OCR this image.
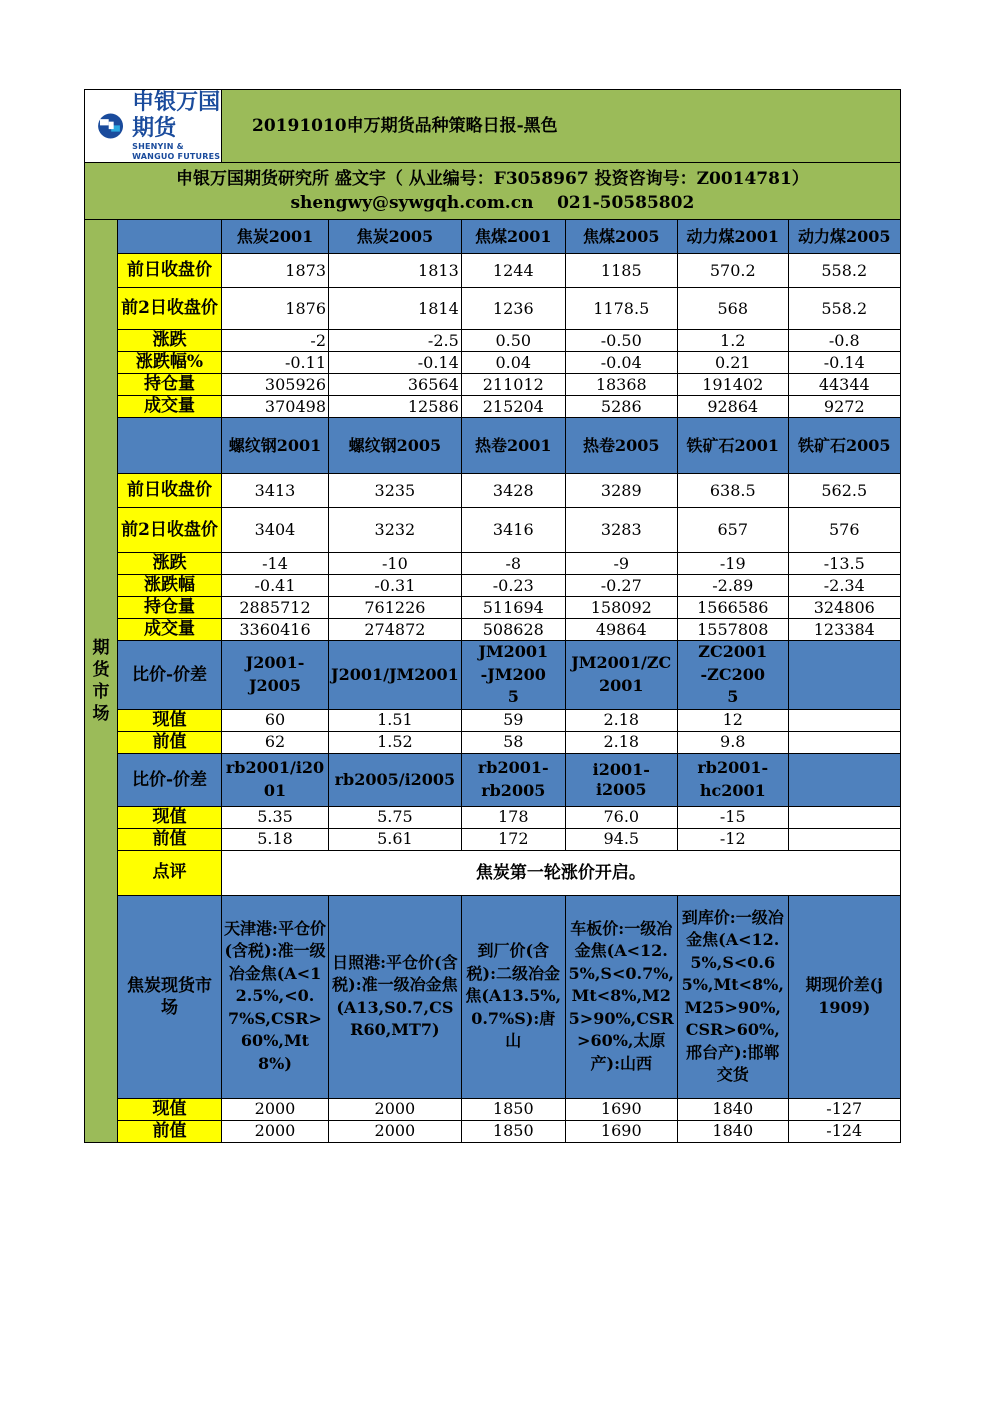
申银万国期货
SHENYIN & WANGUO FUTURES		20191010申万期货品种策略日报-黑色					

申银万国期货研究所 盛文宇（ 从业编号：F3058967 投资咨询号：Z0014781）
shengwy@sywgqh.com.cn    021-50585802							

期
货
市
场		焦炭2001	焦炭2005	焦煤2001	焦煤2005	动力煤2001	动力煤2005
	前日收盘价	1873	1813	1244	1185	570.2	558.2
	前2日收盘价	1876	1814	1236	1178.5	568	558.2
	涨跌	-2	-2.5	0.50	-0.50	1.2	-0.8
	涨跌幅%	-0.11	-0.14	0.04	-0.04	0.21	-0.14
	持仓量	305926	36564	211012	18368	191402	44344
	成交量	370498	12586	215204	5286	92864	9272
		螺纹钢2001	螺纹钢2005	热卷2001	热卷2005	铁矿石2001	铁矿石2005
	前日收盘价	3413	3235	3428	3289	638.5	562.5
	前2日收盘价	3404	3232	3416	3283	657	576
	涨跌	-14	-10	-8	-9	-19	-13.5
	涨跌幅	-0.41	-0.31	-0.23	-0.27	-2.89	-2.34
	持仓量	2885712	761226	511694	158092	1566586	324806
	成交量	3360416	274872	508628	49864	1557808	123384
	比价-价差	J2001-J2005	J2001/JM2001	JM2001-JM2005	JM2001/ZC2001	ZC2001-ZC2005	
	现值	60	1.51	59	2.18	12	
	前值	62	1.52	58	2.18	9.8	
	比价-价差	rb2001/i2001	rb2005/i2005	rb2001-rb2005	i2001-i2005	rb2001-hc2001	
	现值	5.35	5.75	178	76.0	-15	
	前值	5.18	5.61	172	94.5	-12	
	点评	焦炭第一轮涨价开启。					
	焦炭现货市场	天津港:平仓价(含税):准一级冶金焦(A<12.5%,<0.7%S,CSR>60%,Mt8%)	日照港:平仓价(含税):准一级冶金焦(A13,S0.7,CSR60,MT7)	到厂价(含税):二级冶金焦(A13.5%,0.7%S):唐山	车板价:一级冶金焦(A<12.5%,S<0.7%,Mt<8%,M25>90%,CSR>60%,太原产):山西	到库价:一级冶金焦(A<12.5%,S<0.65%,Mt<8%,M25>90%,CSR>60%,邢台产):邯郸交货	期现价差(j1909)
	现值	2000	2000	1850	1690	1840	-127
	前值	2000	2000	1850	1690	1840	-124
